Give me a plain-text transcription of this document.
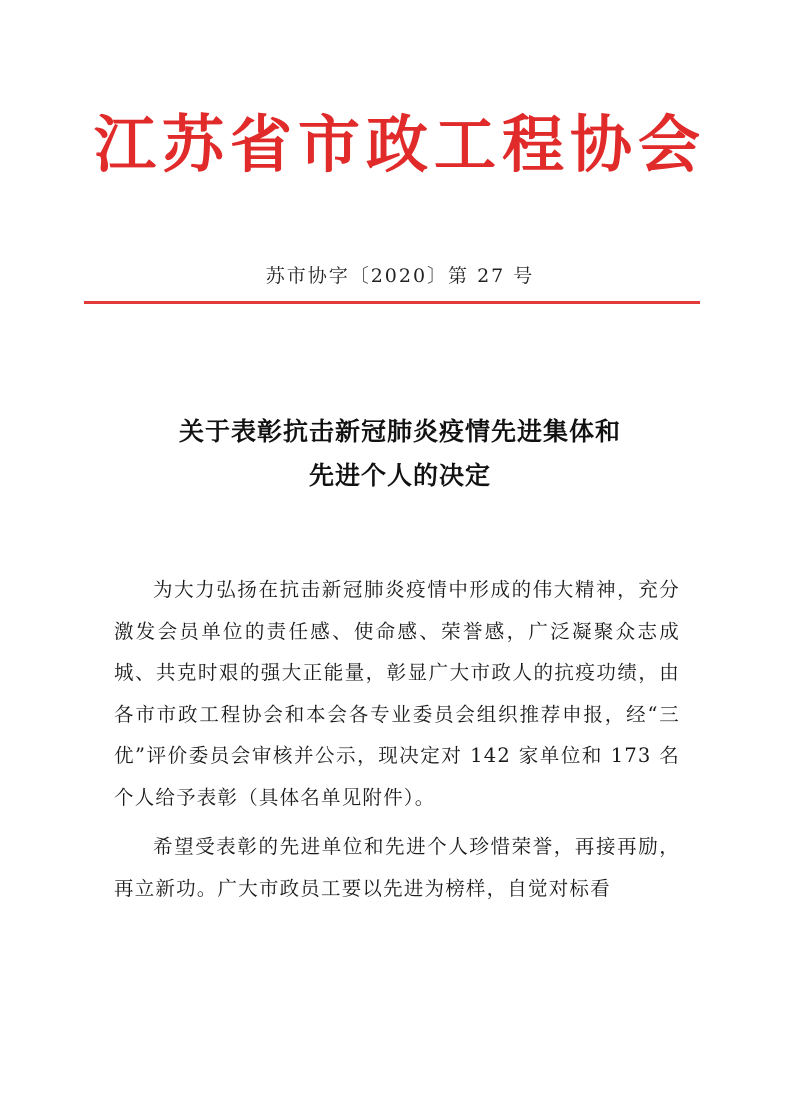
江苏省市政工程协会
苏市协字〔2020〕第 27 号
关于表彰抗击新冠肺炎疫情先进集体和
先进个人的决定

为大力弘扬在抗击新冠肺炎疫情中形成的伟大精神，充分激发会员单位的责任感、使命感、荣誉感，广泛凝聚众志成城、共克时艰的强大正能量，彰显广大市政人的抗疫功绩，由各市市政工程协会和本会各专业委员会组织推荐申报，经“三优”评价委员会审核并公示，现决定对 142 家单位和 173 名个人给予表彰（具体名单见附件）。

希望受表彰的先进单位和先进个人珍惜荣誉，再接再励，再立新功。广大市政员工要以先进为榜样，自觉对标看
